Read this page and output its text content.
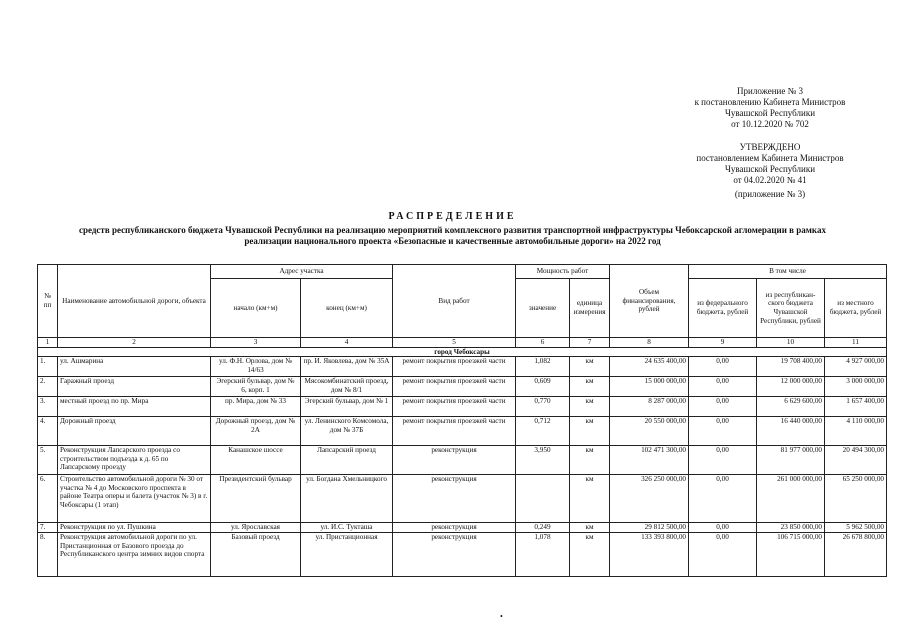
Приложение № 3
к постановлению Кабинета Министров
Чувашской Республики
от 10.12.2020 № 702
УТВЕРЖДЕНО
постановлением Кабинета Министров
Чувашской Республики
от 04.02.2020 № 41
(приложение № 3)
РАСПРЕДЕЛЕНИЕ
средств республиканского бюджета Чувашской Республики на реализацию мероприятий комплексного развития транспортной инфраструктуры Чебоксарской агломерации в рамках реализации национального проекта «Безопасные и качественные автомобильные дороги» на 2022 год
№ пп	Наименование автомобильной дороги, объекта	Адрес участка		Вид работ	Мощность работ		Объем финансирования, рублей	В том числе		
		начало (км+м)	конец (км+м)		значение	единица измерения		из федерального бюджета, рублей	из республикан-ского бюджета Чувашской Республики, рублей	из местного бюджета, рублей
1	2	3	4	5	6	7	8	9	10	11
город Чебоксары										
1.	ул. Ашмарина	ул. Ф.Н. Орлова, дом № 14/63	пр. И. Яковлева, дом № 35А	ремонт покрытия проезжей части	1,082	км	24 635 400,00	0,00	19 708 400,00	4 927 000,00
2.	Гаражный проезд	Эгерский бульвар, дом № 6, корп. 1	Мясокомбинатский проезд, дом № 8/1	ремонт покрытия проезжей части	0,609	км	15 000 000,00	0,00	12 000 000,00	3 000 000,00
3.	местный проезд по пр. Мира	пр. Мира, дом № 33	Эгерский бульвар, дом № 1	ремонт покрытия проезжей части	0,770	км	8 287 000,00	0,00	6 629 600,00	1 657 400,00
4.	Дорожный проезд	Дорожный проезд, дом № 2А	ул. Ленинского Комсомола, дом № 37Б	ремонт покрытия проезжей части	0,712	км	20 550 000,00	0,00	16 440 000,00	4 110 000,00
5.	Реконструкция Лапсарского проезда со строительством подъезда к д. 65 по Лапсарскому проезду	Канашское шоссе	Лапсарский проезд	реконструкция	3,950	км	102 471 300,00	0,00	81 977 000,00	20 494 300,00
6.	Строительство автомобильной дороги № 30 от участка № 4 до Московского проспекта в районе Театра оперы и балета (участок № 3) в г. Чебоксары (1 этап)	Президентский бульвар	ул. Богдана Хмельницкого	реконструкция		км	326 250 000,00	0,00	261 000 000,00	65 250 000,00
7.	Реконструкция по ул. Пушкина	ул. Ярославская	ул. И.С. Тукташа	реконструкция	0,249	км	29 812 500,00	0,00	23 850 000,00	5 962 500,00
8.	Реконструкция автомобильной дороги по ул. Пристанционная от Базового проезда до Республиканского центра зимних видов спорта	Базовый проезд	ул. Пристанционная	реконструкция	1,078	км	133 393 800,00	0,00	106 715 000,00	26 678 800,00
•
